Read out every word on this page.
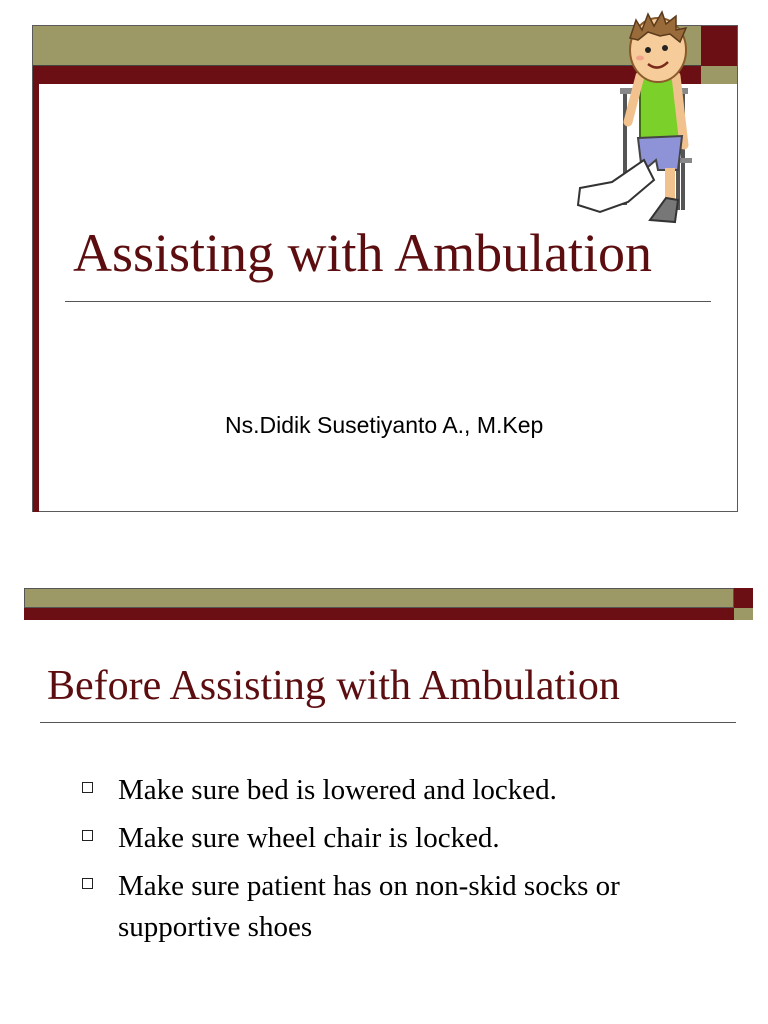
Assisting with Ambulation
Ns.Didik Susetiyanto A., M.Kep
Before Assisting with Ambulation
Make sure bed is lowered and locked.
Make sure wheel chair is locked.
Make sure patient has on non-skid socks or supportive shoes
